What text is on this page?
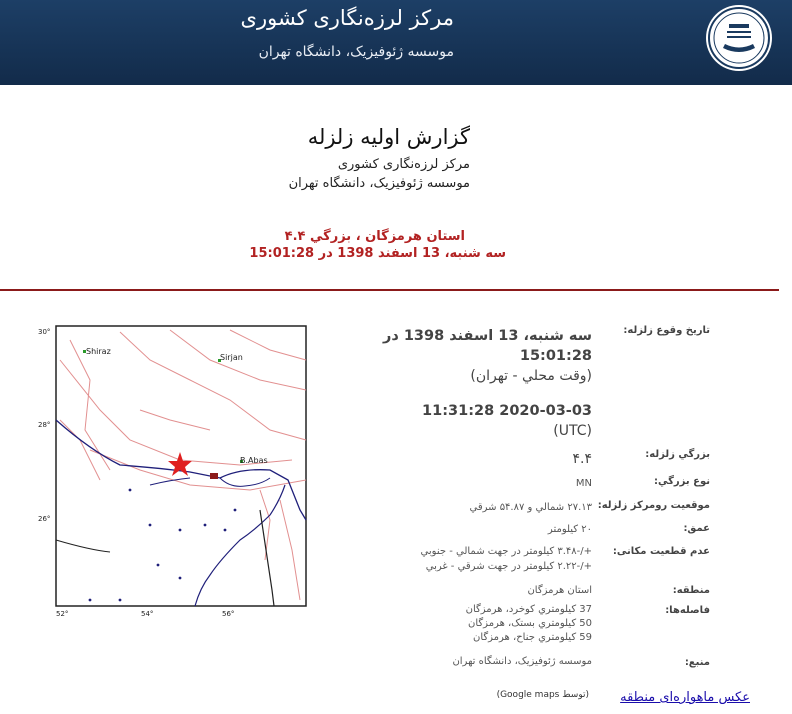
مرکز لرزه‌نگاری کشوری
موسسه ژئوفیزیک، دانشگاه تهران
گزارش اولیه زلزله
مرکز لرزه‌نگاری کشوری
موسسه ژئوفیزیک، دانشگاه تهران
استان هرمزگان ، بزرگي ۴.۴
سه شنبه، 13 اسفند 1398 در 15:01:28
Shiraz
Sirjan
B.Abas
30°
28°
26°
52°	54°	56°
تاریخ وقوع زلزله:
سه شنبه، 13 اسفند 1398 در
15:01:28
(وقت محلي - تهران)
2020-03-03 11:31:28
(UTC)
بزرگي زلزله:
۴.۴
نوع بزرگي:
MN
موقعیت رومرکز زلزله:
۲۷.۱۳ شمالي و ۵۴.۸۷ شرقي
عمق:
۲۰ کیلومتر
عدم قطعیت مکانی:
+/-۳.۴۸ کیلومتر در جهت شمالي - جنوبي
+/-۲.۲۲ کیلومتر در جهت شرقي - غربي
منطقه:
استان هرمزگان
فاصله‌ها:
37 کیلومتري کوخرد، هرمزگان
50 کیلومتري بستک، هرمزگان
59 کیلومتري جناح، هرمزگان
منبع:
موسسه ژئوفیزیک، دانشگاه تهران
عکس ماهواره‌ای منطقه
(توسط Google maps)
